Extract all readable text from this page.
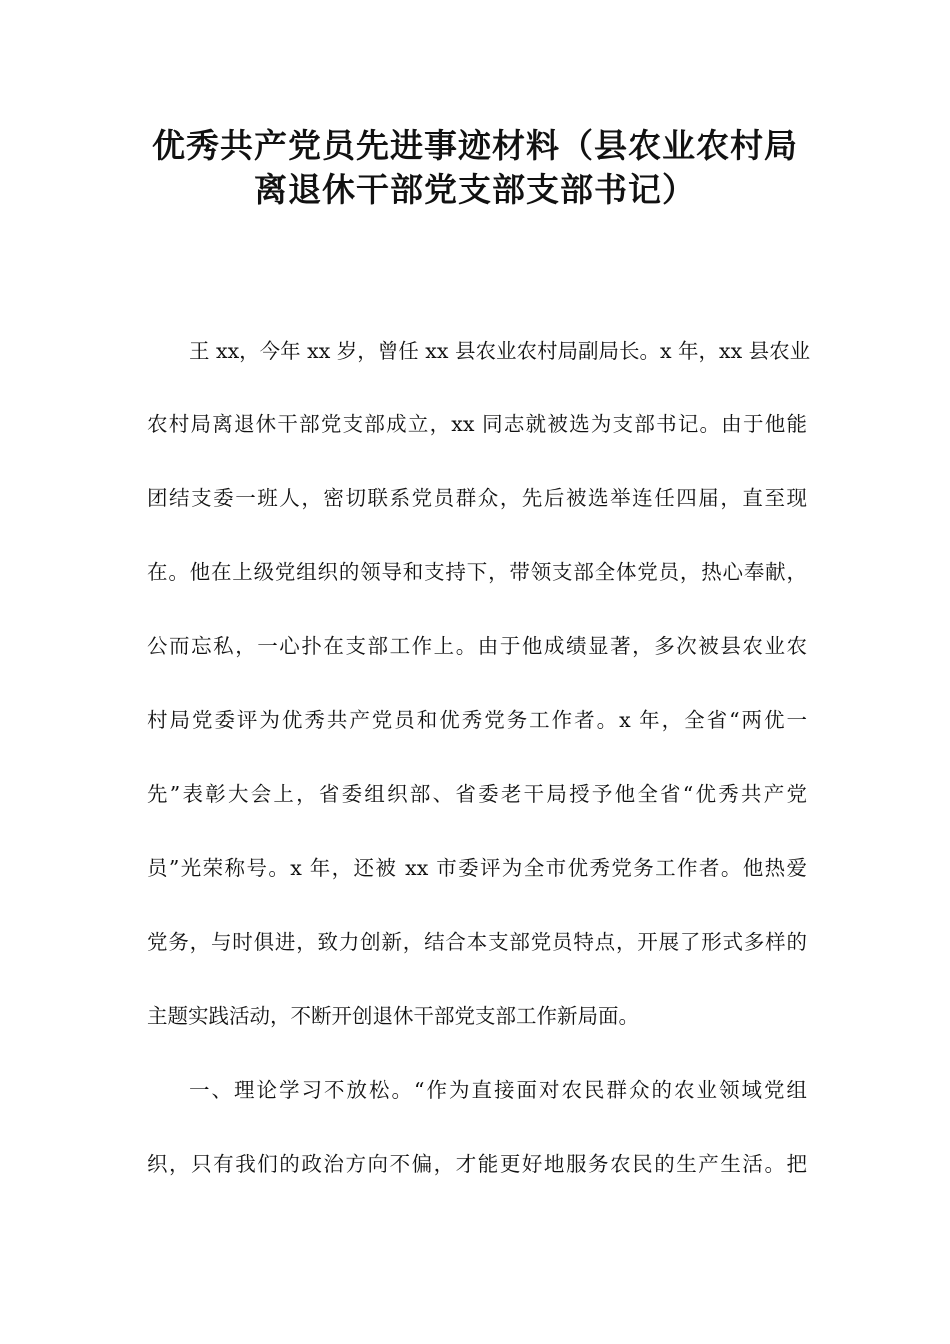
优秀共产党员先进事迹材料（县农业农村局
离退休干部党支部支部书记）
王 xx，今年 xx 岁，曾任 xx 县农业农村局副局长。x 年，xx 县农业
农村局离退休干部党支部成立，xx 同志就被选为支部书记。由于他能
团结支委一班人，密切联系党员群众，先后被选举连任四届，直至现
在。他在上级党组织的领导和支持下，带领支部全体党员，热心奉献，
公而忘私，一心扑在支部工作上。由于他成绩显著，多次被县农业农
村局党委评为优秀共产党员和优秀党务工作者。x 年，全省“两优一
先”表彰大会上，省委组织部、省委老干局授予他全省“优秀共产党
员”光荣称号。x 年，还被 xx 市委评为全市优秀党务工作者。他热爱
党务，与时俱进，致力创新，结合本支部党员特点，开展了形式多样的
主题实践活动，不断开创退休干部党支部工作新局面。
一、理论学习不放松。“作为直接面对农民群众的农业领域党组
织，只有我们的政治方向不偏，才能更好地服务农民的生产生活。把
